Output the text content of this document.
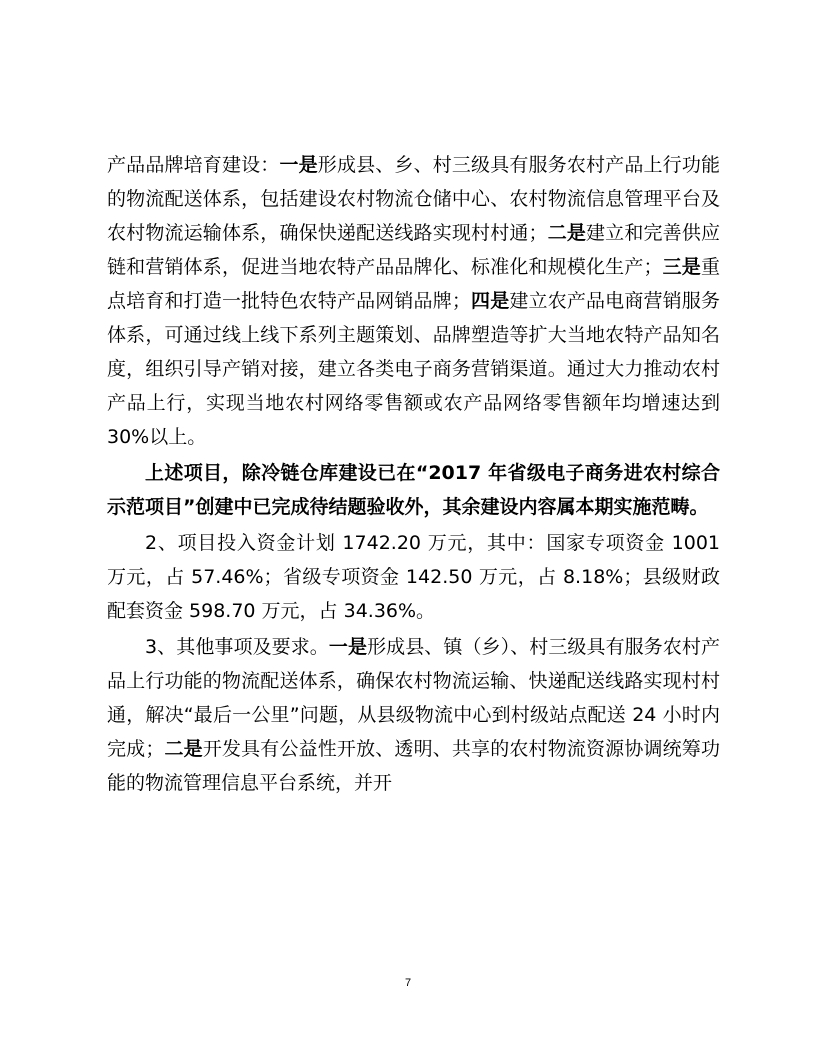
产品品牌培育建设：一是形成县、乡、村三级具有服务农村产品上行功能的物流配送体系，包括建设农村物流仓储中心、农村物流信息管理平台及农村物流运输体系，确保快递配送线路实现村村通；二是建立和完善供应链和营销体系，促进当地农特产品品牌化、标准化和规模化生产；三是重点培育和打造一批特色农特产品网销品牌；四是建立农产品电商营销服务体系，可通过线上线下系列主题策划、品牌塑造等扩大当地农特产品知名度，组织引导产销对接，建立各类电子商务营销渠道。通过大力推动农村产品上行，实现当地农村网络零售额或农产品网络零售额年均增速达到 30%以上。

上述项目，除冷链仓库建设已在“2017 年省级电子商务进农村综合示范项目”创建中已完成待结题验收外，其余建设内容属本期实施范畴。

2、项目投入资金计划 1742.20 万元，其中：国家专项资金 1001 万元，占 57.46%；省级专项资金 142.50 万元，占 8.18%；县级财政配套资金 598.70 万元，占 34.36%。

3、其他事项及要求。一是形成县、镇（乡）、村三级具有服务农村产品上行功能的物流配送体系，确保农村物流运输、快递配送线路实现村村通，解决“最后一公里”问题，从县级物流中心到村级站点配送 24 小时内完成；二是开发具有公益性开放、透明、共享的农村物流资源协调统筹功能的物流管理信息平台系统，并开

7
